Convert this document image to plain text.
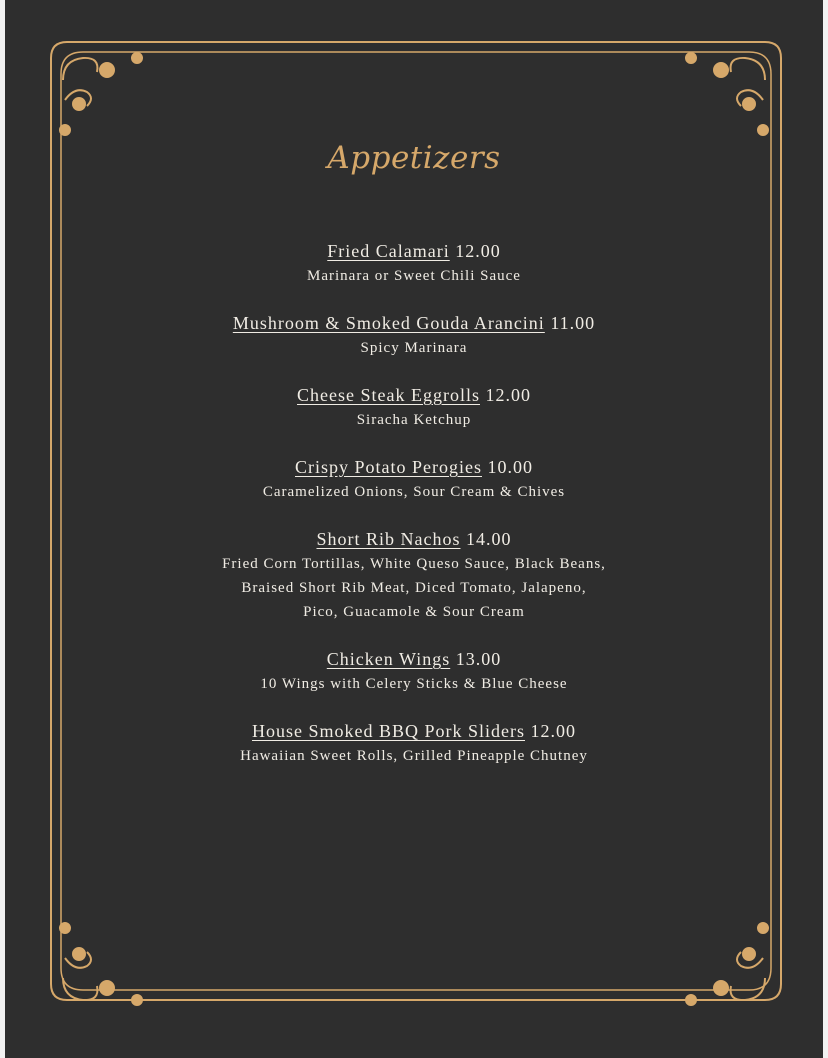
Appetizers
Fried Calamari 12.00
Marinara or Sweet Chili Sauce
Mushroom & Smoked Gouda Arancini 11.00
Spicy Marinara
Cheese Steak Eggrolls 12.00
Siracha Ketchup
Crispy Potato Perogies 10.00
Caramelized Onions, Sour Cream & Chives
Short Rib Nachos 14.00
Fried Corn Tortillas, White Queso Sauce, Black Beans,
Braised Short Rib Meat, Diced Tomato, Jalapeno,
Pico, Guacamole & Sour Cream
Chicken Wings 13.00
10 Wings with Celery Sticks & Blue Cheese
House Smoked BBQ Pork Sliders 12.00
Hawaiian Sweet Rolls, Grilled Pineapple Chutney
